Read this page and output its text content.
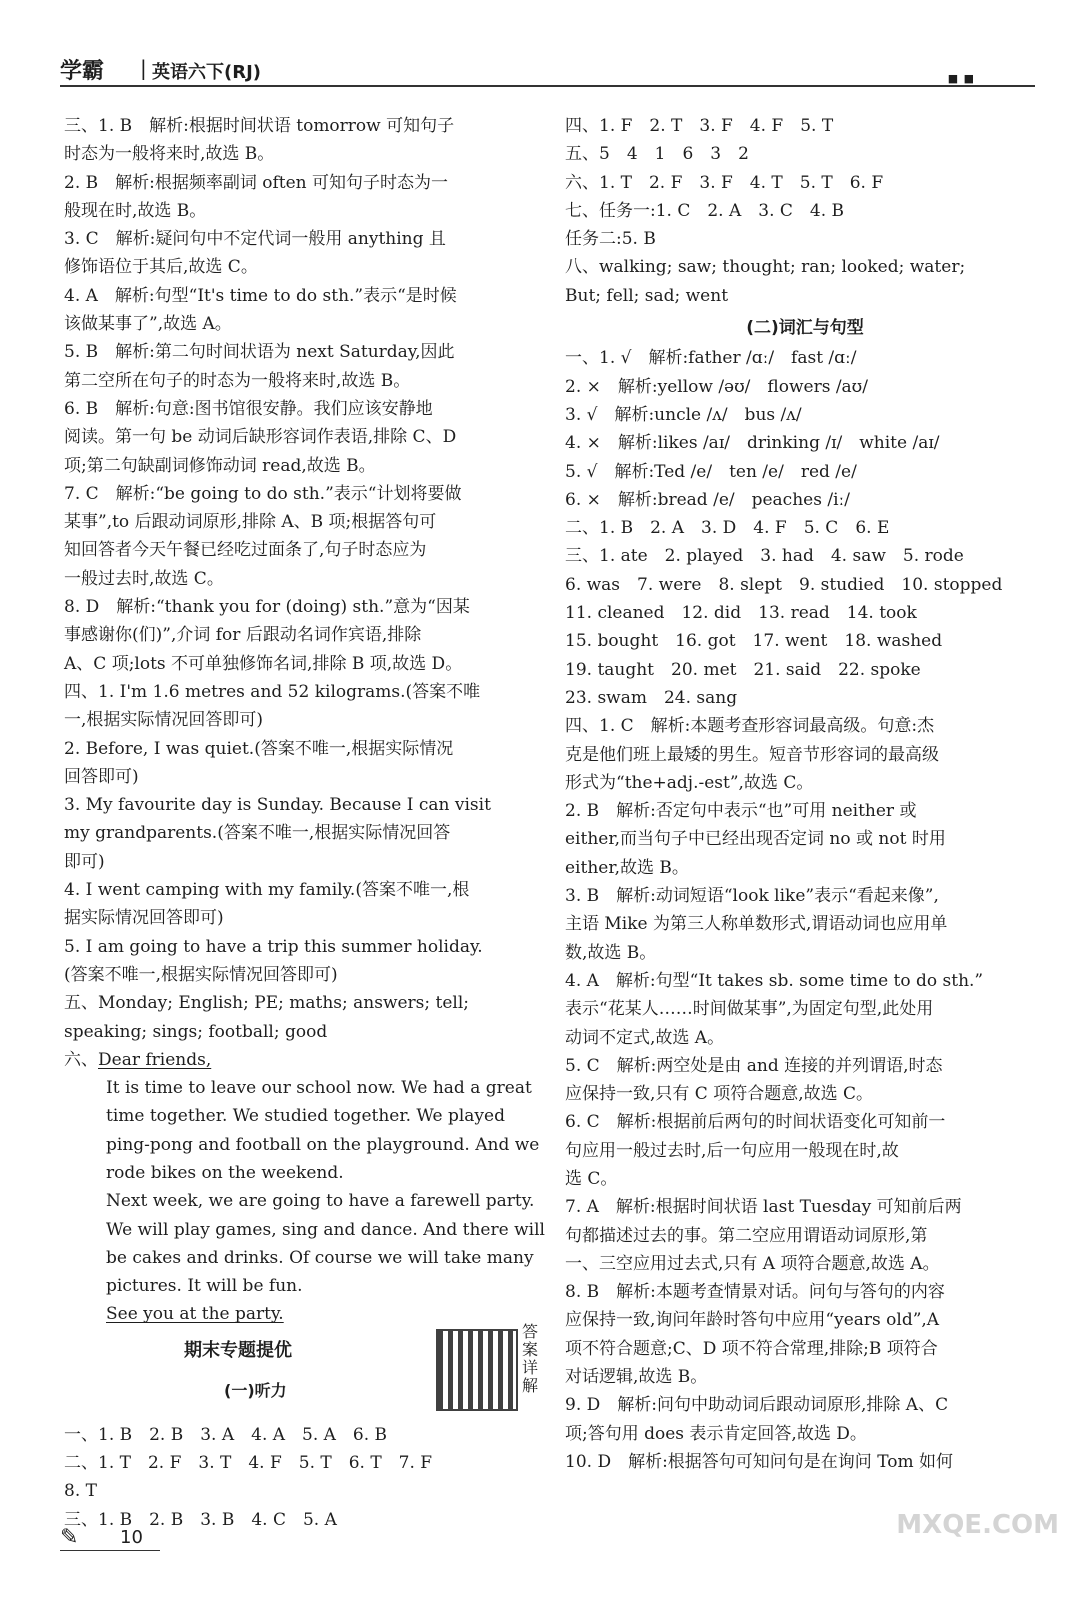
学霸 | 英语六下(RJ)	■ ■

三、1. B　解析:根据时间状语 tomorrow 可知句子

时态为一般将来时,故选 B。

2. B　解析:根据频率副词 often 可知句子时态为一

般现在时,故选 B。

3. C　解析:疑问句中不定代词一般用 anything 且

修饰语位于其后,故选 C。

4. A　解析:句型“It's time to do sth.”表示“是时候

该做某事了”,故选 A。

5. B　解析:第二句时间状语为 next Saturday,因此

第二空所在句子的时态为一般将来时,故选 B。

6. B　解析:句意:图书馆很安静。我们应该安静地

阅读。第一句 be 动词后缺形容词作表语,排除 C、D

项;第二句缺副词修饰动词 read,故选 B。

7. C　解析:“be going to do sth.”表示“计划将要做

某事”,to 后跟动词原形,排除 A、B 项;根据答句可

知回答者今天午餐已经吃过面条了,句子时态应为

一般过去时,故选 C。

8. D　解析:“thank you for (doing) sth.”意为“因某

事感谢你(们)”,介词 for 后跟动名词作宾语,排除

A、C 项;lots 不可单独修饰名词,排除 B 项,故选 D。

四、1. I'm 1.6 metres and 52 kilograms.(答案不唯

一,根据实际情况回答即可)

2. Before, I was quiet.(答案不唯一,根据实际情况

回答即可)

3. My favourite day is Sunday. Because I can visit

my grandparents.(答案不唯一,根据实际情况回答

即可)

4. I went camping with my family.(答案不唯一,根

据实际情况回答即可)

5. I am going to have a trip this summer holiday.

(答案不唯一,根据实际情况回答即可)

五、Monday; English; PE; maths; answers; tell;

speaking; sings; football; good

六、Dear friends,

It is time to leave our school now. We had a great time together. We studied together. We played ping-pong and football on the playground. And we rode bikes on the weekend.

Next week, we are going to have a farewell party. We will play games, sing and dance. And there will be cakes and drinks. Of course we will take many pictures. It will be fun.

See you at the party.

期末专题提优
(一)听力
答案详解

一、1. B　2. B　3. A　4. A　5. A　6. B

二、1. T　2. F　3. T　4. F　5. T　6. T　7. F

8. T

三、1. B　2. B　3. B　4. C　5. A

四、1. F　2. T　3. F　4. F　5. T

五、5　4　1　6　3　2

六、1. T　2. F　3. F　4. T　5. T　6. F

七、任务一:1. C　2. A　3. C　4. B

任务二:5. B

八、walking; saw; thought; ran; looked; water;

But; fell; sad; went

(二)词汇与句型

一、1. √　解析:father /ɑː/　fast /ɑː/

2. ×　解析:yellow /əʊ/　flowers /aʊ/

3. √　解析:uncle /ʌ/　bus /ʌ/

4. ×　解析:likes /aɪ/　drinking /ɪ/　white /aɪ/

5. √　解析:Ted /e/　ten /e/　red /e/

6. ×　解析:bread /e/　peaches /iː/

二、1. B　2. A　3. D　4. F　5. C　6. E

三、1. ate　2. played　3. had　4. saw　5. rode

6. was　7. were　8. slept　9. studied　10. stopped

11. cleaned　12. did　13. read　14. took

15. bought　16. got　17. went　18. washed

19. taught　20. met　21. said　22. spoke

23. swam　24. sang

四、1. C　解析:本题考查形容词最高级。句意:杰

克是他们班上最矮的男生。短音节形容词的最高级

形式为“the+adj.-est”,故选 C。

2. B　解析:否定句中表示“也”可用 neither 或

either,而当句子中已经出现否定词 no 或 not 时用

either,故选 B。

3. B　解析:动词短语“look like”表示“看起来像”,

主语 Mike 为第三人称单数形式,谓语动词也应用单

数,故选 B。

4. A　解析:句型“It takes sb. some time to do sth.”

表示“花某人……时间做某事”,为固定句型,此处用

动词不定式,故选 A。

5. C　解析:两空处是由 and 连接的并列谓语,时态

应保持一致,只有 C 项符合题意,故选 C。

6. C　解析:根据前后两句的时间状语变化可知前一

句应用一般过去时,后一句应用一般现在时,故

选 C。

7. A　解析:根据时间状语 last Tuesday 可知前后两

句都描述过去的事。第二空应用谓语动词原形,第

一、三空应用过去式,只有 A 项符合题意,故选 A。

8. B　解析:本题考查情景对话。问句与答句的内容

应保持一致,询问年龄时答句中应用“years old”,A

项不符合题意;C、D 项不符合常理,排除;B 项符合

对话逻辑,故选 B。

9. D　解析:问句中助动词后跟动词原形,排除 A、C

项;答句用 does 表示肯定回答,故选 D。

10. D　解析:根据答句可知问句是在询问 Tom 如何

✎ 10	MXQE.COM
